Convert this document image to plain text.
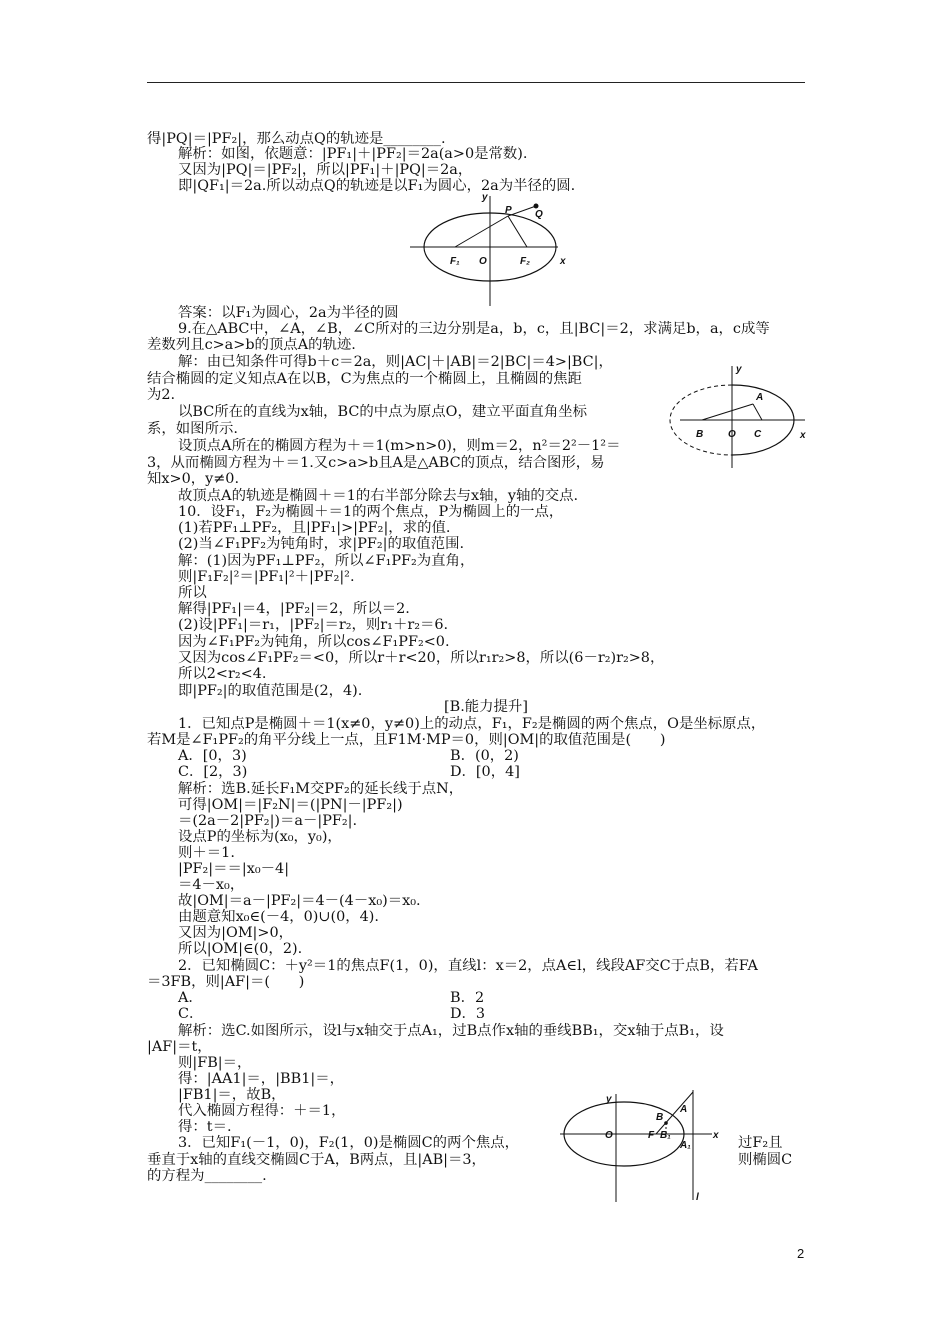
得|PQ|＝|PF₂|，那么动点Q的轨迹是________.
解析：如图，依题意：|PF₁|＋|PF₂|＝2a(a>0是常数).
又因为|PQ|＝|PF₂|，所以|PF₁|＋|PQ|＝2a，
即|QF₁|＝2a.所以动点Q的轨迹是以F₁为圆心，2a为半径的圆.
答案：以F₁为圆心，2a为半径的圆
9.在△ABC中，∠A，∠B，∠C所对的三边分别是a，b，c，且|BC|＝2，求满足b，a，c成等
差数列且c>a>b的顶点A的轨迹.
解：由已知条件可得b＋c＝2a，则|AC|＋|AB|＝2|BC|＝4>|BC|，
结合椭圆的定义知点A在以B，C为焦点的一个椭圆上，且椭圆的焦距
为2.
以BC所在的直线为x轴，BC的中点为原点O，建立平面直角坐标
系，如图所示.
设顶点A所在的椭圆方程为＋＝1(m>n>0)，则m＝2，n²＝2²－1²＝
3，从而椭圆方程为＋＝1.又c>a>b且A是△ABC的顶点，结合图形，易
知x>0，y≠0.
故顶点A的轨迹是椭圆＋＝1的右半部分除去与x轴，y轴的交点.
10．设F₁，F₂为椭圆＋＝1的两个焦点，P为椭圆上的一点，
(1)若PF₁⊥PF₂，且|PF₁|>|PF₂|，求的值.
(2)当∠F₁PF₂为钝角时，求|PF₂|的取值范围.
解：(1)因为PF₁⊥PF₂，所以∠F₁PF₂为直角，
则|F₁F₂|²＝|PF₁|²＋|PF₂|².
所以
解得|PF₁|＝4，|PF₂|＝2，所以＝2.
(2)设|PF₁|＝r₁，|PF₂|＝r₂，则r₁＋r₂＝6.
因为∠F₁PF₂为钝角，所以cos∠F₁PF₂<0.
又因为cos∠F₁PF₂＝<0，所以r＋r<20，所以r₁r₂>8，所以(6－r₂)r₂>8，
所以2<r₂<4.
即|PF₂|的取值范围是(2，4).
[B.能力提升]
1．已知点P是椭圆＋＝1(x≠0，y≠0)上的动点，F₁，F₂是椭圆的两个焦点，O是坐标原点，
若M是∠F₁PF₂的角平分线上一点，且F1M·MP＝0，则|OM|的取值范围是(　　)
A．[0，3)	B．(0，2)
C．[2，3)	D．[0，4]
解析：选B.延长F₁M交PF₂的延长线于点N，
可得|OM|＝|F₂N|＝(|PN|－|PF₂|)
＝(2a－2|PF₂|)＝a－|PF₂|.
设点P的坐标为(x₀，y₀)，
则＋＝1.
|PF₂|＝＝|x₀－4|
＝4－x₀，
故|OM|＝a－|PF₂|＝4－(4－x₀)＝x₀.
由题意知x₀∈(－4，0)∪(0，4).
又因为|OM|>0，
所以|OM|∈(0，2).
2．已知椭圆C：＋y²＝1的焦点F(1，0)，直线l：x＝2，点A∈l，线段AF交C于点B，若FA
＝3FB，则|AF|＝(　　)
A．	B．2
C．	D．3
解析：选C.如图所示，设l与x轴交于点A₁，过B点作x轴的垂线BB₁，交x轴于点B₁，设
|AF|＝t，
则|FB|＝，
得：|AA1|＝，|BB1|＝，
|FB1|＝，故B，
代入椭圆方程得：＋＝1，
得：t＝.
3．已知F₁(－1，0)，F₂(1，0)是椭圆C的两个焦点，	过F₂且
垂直于x轴的直线交椭圆C于A，B两点，且|AB|＝3，	则椭圆C
的方程为________.
y
x
P Q
F₁ O	F₂
y
x
A
B O C
y
x
A
B
O	F B₁
A₁
l
2
